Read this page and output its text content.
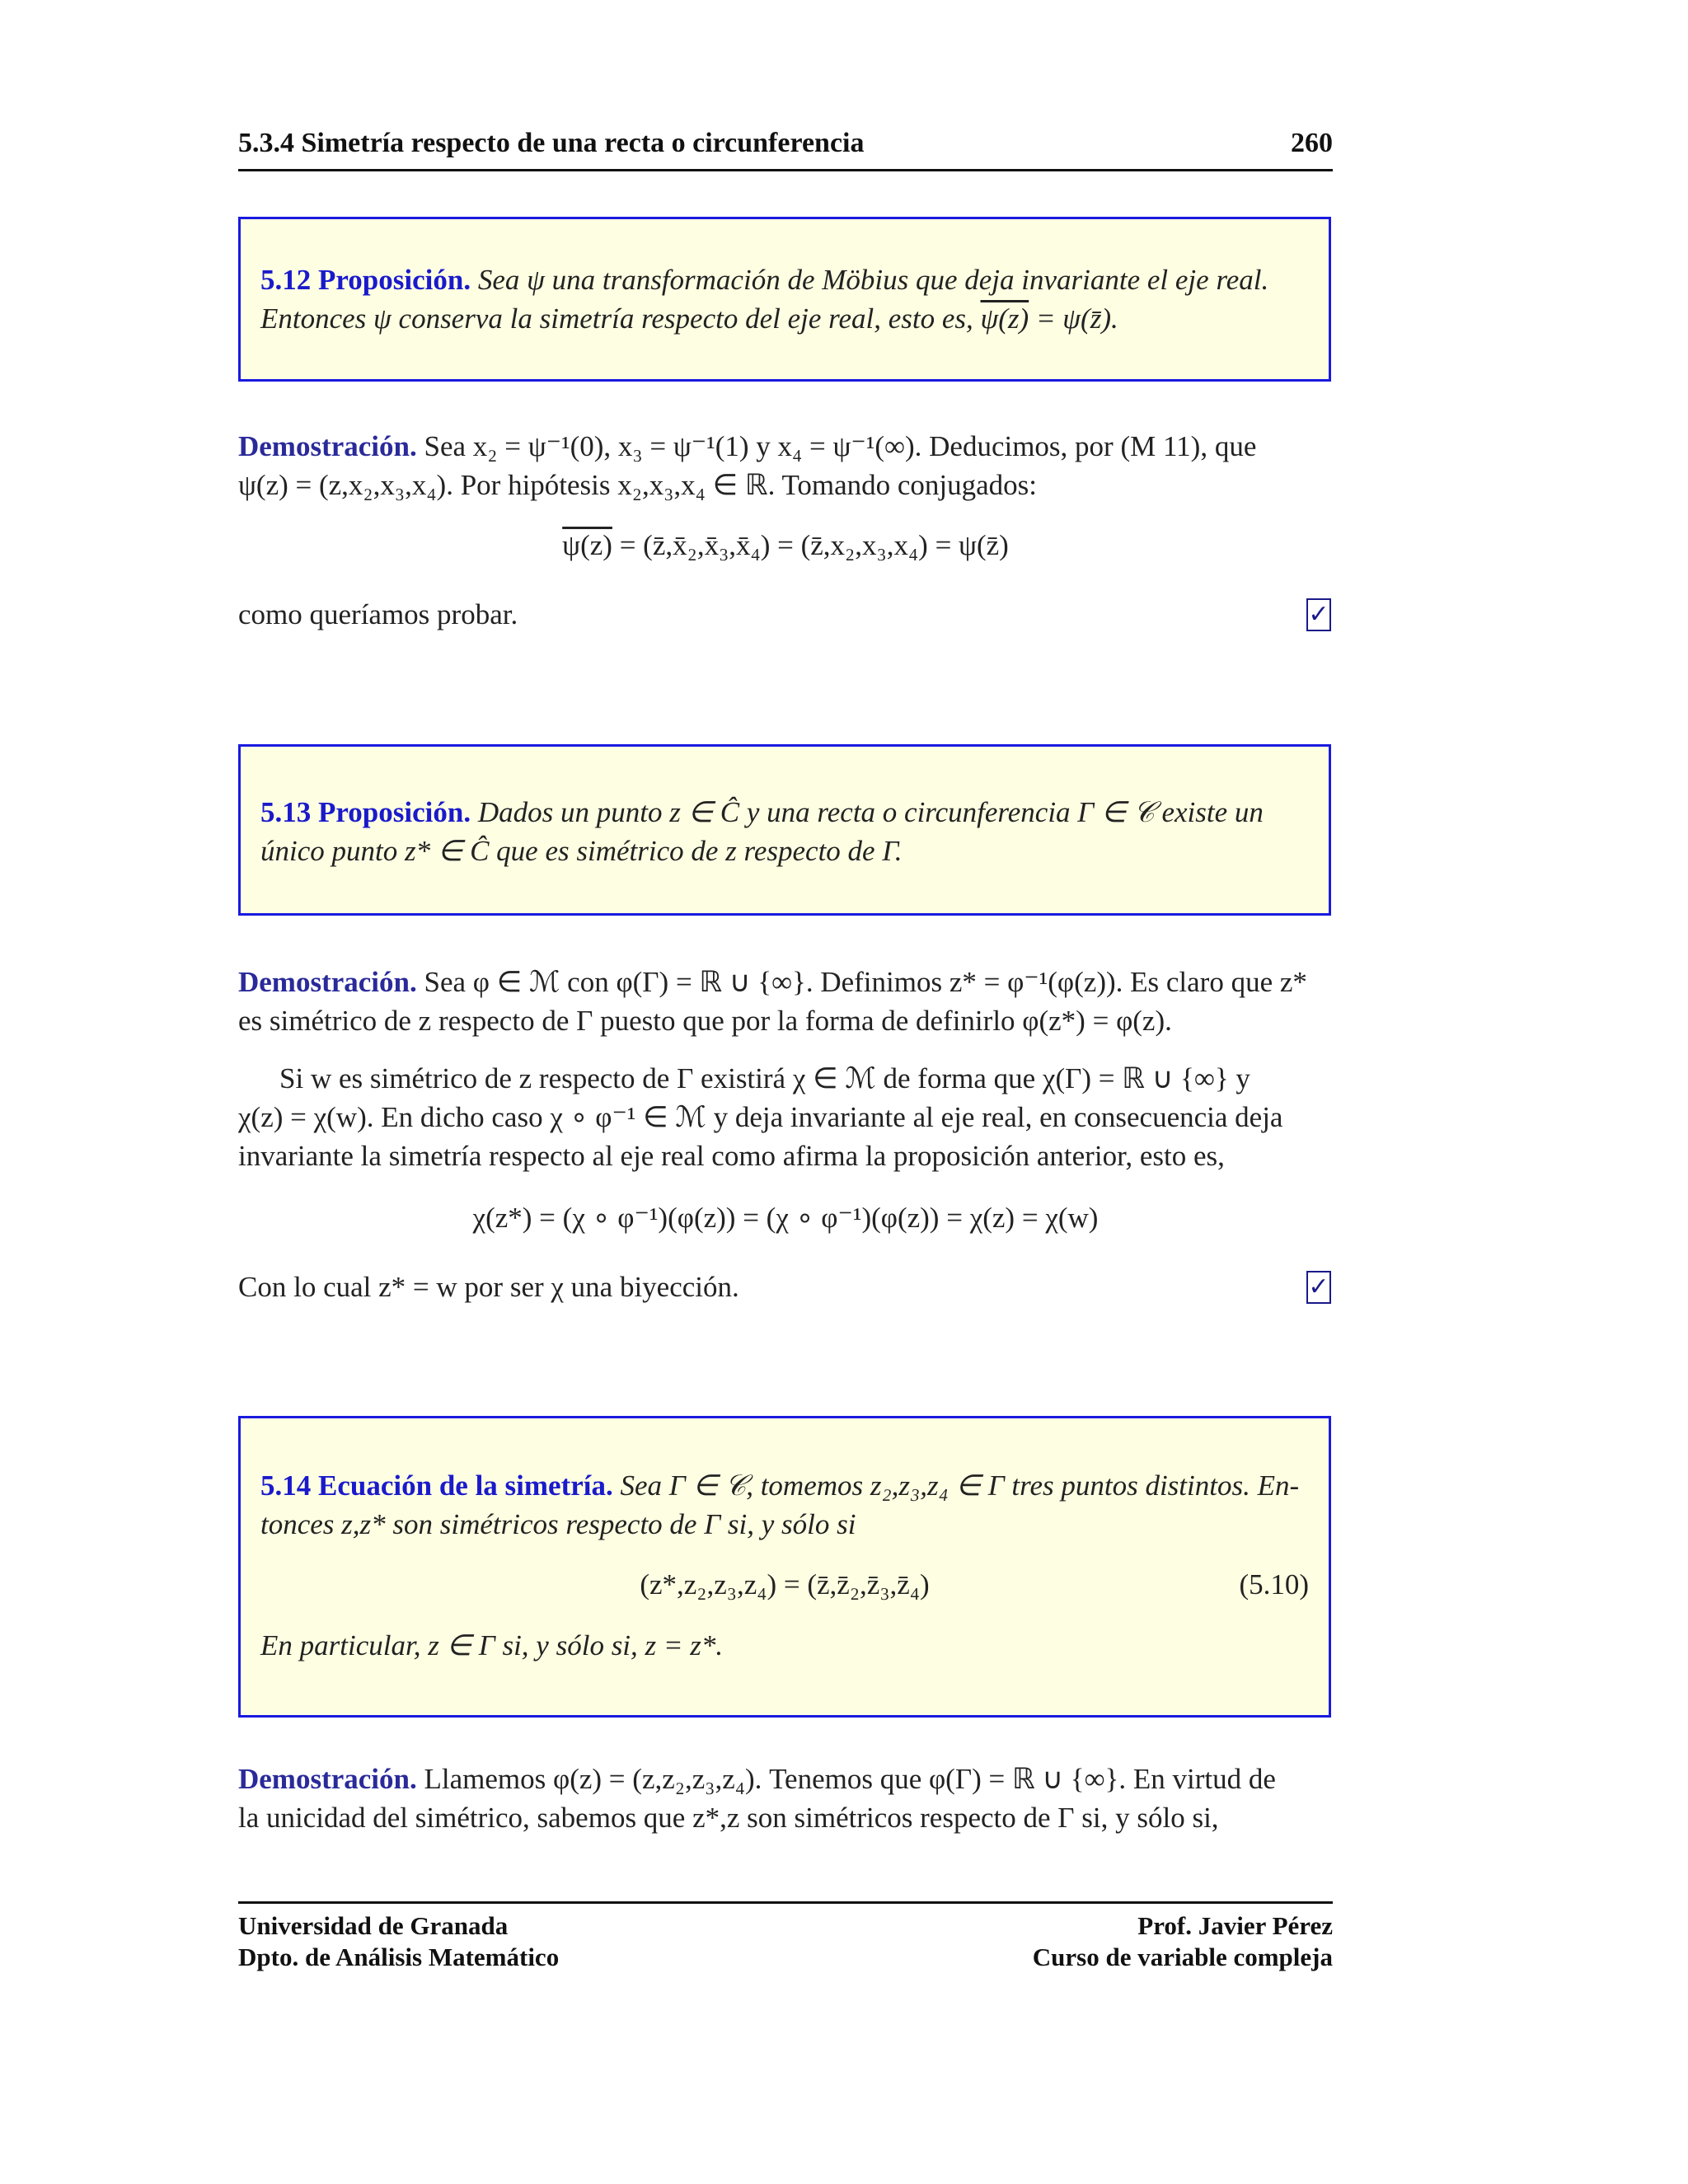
5.3.4 Simetría respecto de una recta o circunferencia	260

5.12 Proposición. Sea ψ una transformación de Möbius que deja invariante el eje real.

Entonces ψ conserva la simetría respecto del eje real, esto es, ψ(z) = ψ(z̄).

Demostración. Sea x₂ = ψ⁻¹(0), x₃ = ψ⁻¹(1) y x₄ = ψ⁻¹(∞). Deducimos, por (M 11), que

ψ(z) = (z,x₂,x₃,x₄). Por hipótesis x₂,x₃,x₄ ∈ ℝ. Tomando conjugados:

ψ(z) = (z̄,x̄₂,x̄₃,x̄₄) = (z̄,x₂,x₃,x₄) = ψ(z̄)

como queríamos probar.	✓

5.13 Proposición. Dados un punto z ∈ Ĉ y una recta o circunferencia Γ ∈ 𝒞 existe un

único punto z* ∈ Ĉ que es simétrico de z respecto de Γ.

Demostración. Sea φ ∈ ℳ con φ(Γ) = ℝ ∪ {∞}. Definimos z* = φ⁻¹(φ(z)). Es claro que z*

es simétrico de z respecto de Γ puesto que por la forma de definirlo φ(z*) = φ(z).

Si w es simétrico de z respecto de Γ existirá χ ∈ ℳ de forma que χ(Γ) = ℝ ∪ {∞} y

χ(z) = χ(w). En dicho caso χ ∘ φ⁻¹ ∈ ℳ y deja invariante al eje real, en consecuencia deja

invariante la simetría respecto al eje real como afirma la proposición anterior, esto es,

χ(z*) = (χ ∘ φ⁻¹)(φ(z)) = (χ ∘ φ⁻¹)(φ(z)) = χ(z) = χ(w)

Con lo cual z* = w por ser χ una biyección.	✓

5.14 Ecuación de la simetría. Sea Γ ∈ 𝒞, tomemos z₂,z₃,z₄ ∈ Γ tres puntos distintos. En-

tonces z,z* son simétricos respecto de Γ si, y sólo si

(z*,z₂,z₃,z₄) = (z̄,z̄₂,z̄₃,z̄₄)	(5.10)

En particular, z ∈ Γ si, y sólo si, z = z*.

Demostración. Llamemos φ(z) = (z,z₂,z₃,z₄). Tenemos que φ(Γ) = ℝ ∪ {∞}. En virtud de

la unicidad del simétrico, sabemos que z*,z son simétricos respecto de Γ si, y sólo si,

Universidad de Granada
Dpto. de Análisis Matemático
Prof. Javier Pérez
Curso de variable compleja
